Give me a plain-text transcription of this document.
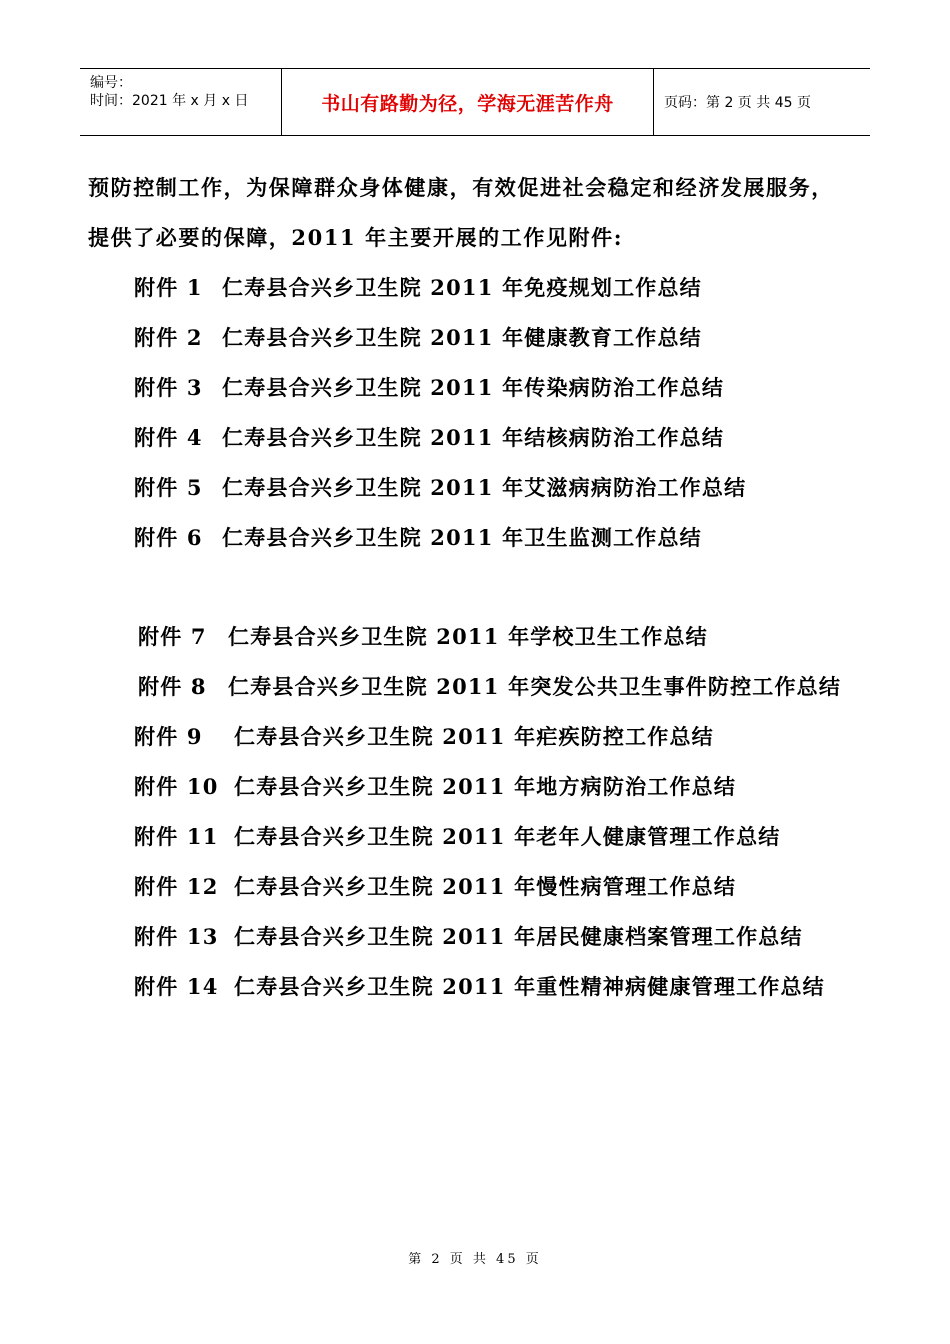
编号：
时间：2021 年 x 月 x 日	书山有路勤为径，学海无涯苦作舟	页码：第 2 页 共 45 页
预防控制工作，为保障群众身体健康，有效促进社会稳定和经济发展服务，
提供了必要的保障，2011 年主要开展的工作见附件:
附件 1 仁寿县合兴乡卫生院 2011 年免疫规划工作总结
附件 2 仁寿县合兴乡卫生院 2011 年健康教育工作总结
附件 3 仁寿县合兴乡卫生院 2011 年传染病防治工作总结
附件 4 仁寿县合兴乡卫生院 2011 年结核病防治工作总结
附件 5 仁寿县合兴乡卫生院 2011 年艾滋病病防治工作总结
附件 6 仁寿县合兴乡卫生院 2011 年卫生监测工作总结
附件 7 仁寿县合兴乡卫生院 2011 年学校卫生工作总结
附件 8 仁寿县合兴乡卫生院 2011 年突发公共卫生事件防控工作总结
附件 9 仁寿县合兴乡卫生院 2011 年疟疾防控工作总结
附件 10 仁寿县合兴乡卫生院 2011 年地方病防治工作总结
附件 11 仁寿县合兴乡卫生院 2011 年老年人健康管理工作总结
附件 12 仁寿县合兴乡卫生院 2011 年慢性病管理工作总结
附件 13 仁寿县合兴乡卫生院 2011 年居民健康档案管理工作总结
附件 14 仁寿县合兴乡卫生院 2011 年重性精神病健康管理工作总结
第 2 页 共 45 页
